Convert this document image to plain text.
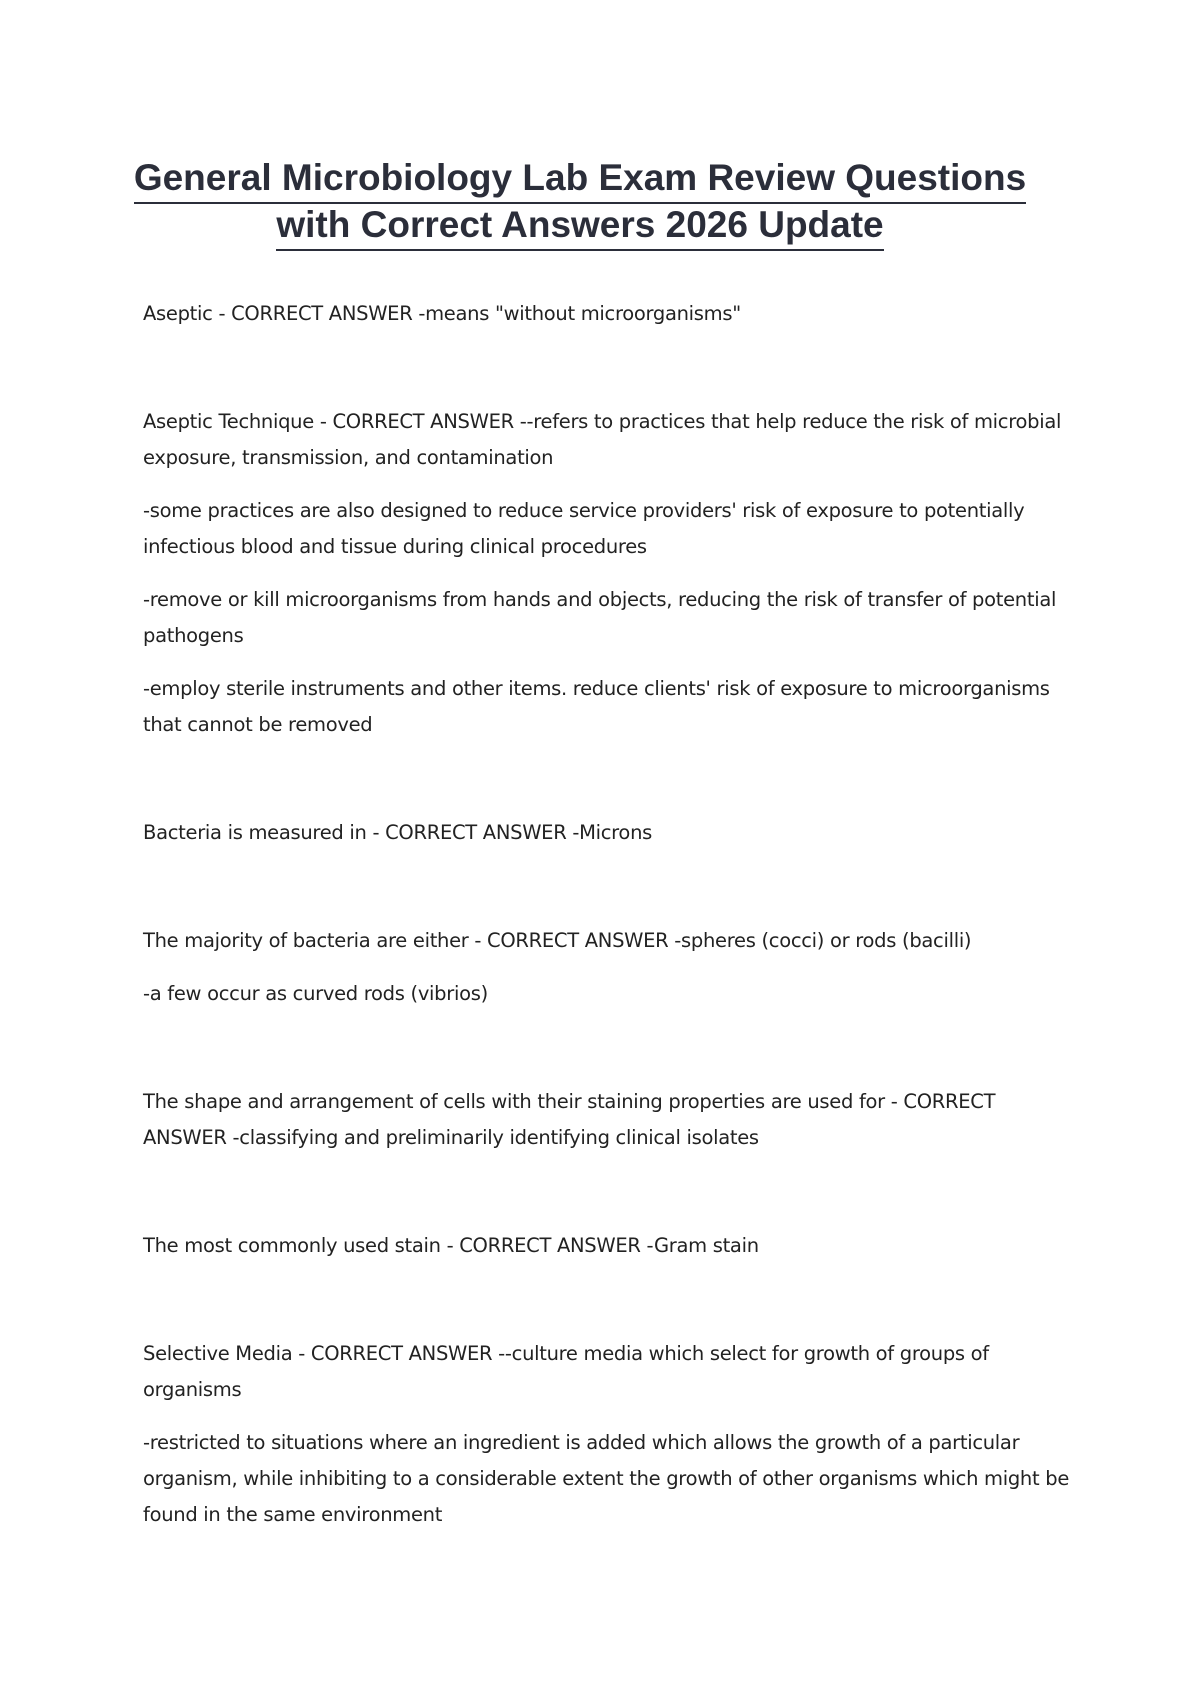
General Microbiology Lab Exam Review Questions
with Correct Answers 2026 Update

Aseptic - CORRECT ANSWER -means "without microorganisms"

Aseptic Technique - CORRECT ANSWER --refers to practices that help reduce the risk of microbial exposure, transmission, and contamination

-some practices are also designed to reduce service providers' risk of exposure to potentially infectious blood and tissue during clinical procedures

-remove or kill microorganisms from hands and objects, reducing the risk of transfer of potential pathogens

-employ sterile instruments and other items. reduce clients' risk of exposure to microorganisms that cannot be removed

Bacteria is measured in - CORRECT ANSWER -Microns

The majority of bacteria are either - CORRECT ANSWER -spheres (cocci) or rods (bacilli)

-a few occur as curved rods (vibrios)

The shape and arrangement of cells with their staining properties are used for - CORRECT ANSWER -classifying and preliminarily identifying clinical isolates

The most commonly used stain - CORRECT ANSWER -Gram stain

Selective Media - CORRECT ANSWER --culture media which select for growth of groups of organisms

-restricted to situations where an ingredient is added which allows the growth of a particular organism, while inhibiting to a considerable extent the growth of other organisms which might be found in the same environment
